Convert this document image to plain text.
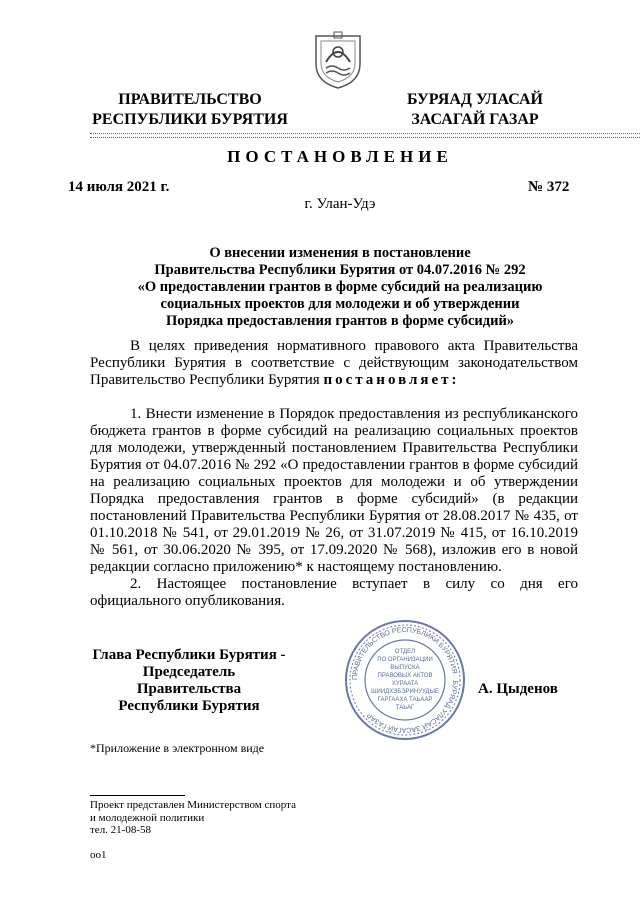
ПРАВИТЕЛЬСТВО
РЕСПУБЛИКИ БУРЯТИЯ
БУРЯАД УЛАСАЙ
ЗАСАГАЙ ГАЗАР
ПОСТАНОВЛЕНИЕ
14 июля 2021 г.	№ 372
г. Улан-Удэ
О внесении изменения в постановление
Правительства Республики Бурятия от 04.07.2016 № 292
«О предоставлении грантов в форме субсидий на реализацию
социальных проектов для молодежи и об утверждении
Порядка предоставления грантов в форме субсидий»
В целях приведения нормативного правового акта Правительства Республики Бурятия в соответствие с действующим законодательством Правительство Республики Бурятия постановляет:
1. Внести изменение в Порядок предоставления из республиканского бюджета грантов в форме субсидий на реализацию социальных проектов для молодежи, утвержденный постановлением Правительства Республики Бурятия от 04.07.2016 № 292 «О предоставлении грантов в форме субсидий на реализацию социальных проектов для молодежи и об утверждении Порядка предоставления грантов в форме субсидий» (в редакции постановлений Правительства Республики Бурятия от 28.08.2017 № 435, от 01.10.2018 № 541, от 29.01.2019 № 26, от 31.07.2019 № 415, от 16.10.2019 № 561, от 30.06.2020 № 395, от 17.09.2020 № 568), изложив его в новой редакции согласно приложению* к настоящему постановлению.
2. Настоящее постановление вступает в силу со дня его официального опубликования.
Глава Республики Бурятия -
Председатель Правительства
Республики Бурятия
А. Цыденов
ПРАВИТЕЛЬСТВО РЕСПУБЛИКИ БУРЯТИЯ · БУРЯАД УЛАСАЙ ЗАСАГАЙ ГАЗАР
ОТДЕЛ
ПО ОРГАНИЗАЦИИ
ВЫПУСКА
ПРАВОВЫХ АКТОВ
ХУРААТА
ШИИДХЭБЭРИНУУДЫЕ
ГАРГААХА ТАЬААР
ТАЬАГ
*Приложение в электронном виде
Проект представлен Министерством спорта
и молодежной политики
тел. 21-08-58
оо1
